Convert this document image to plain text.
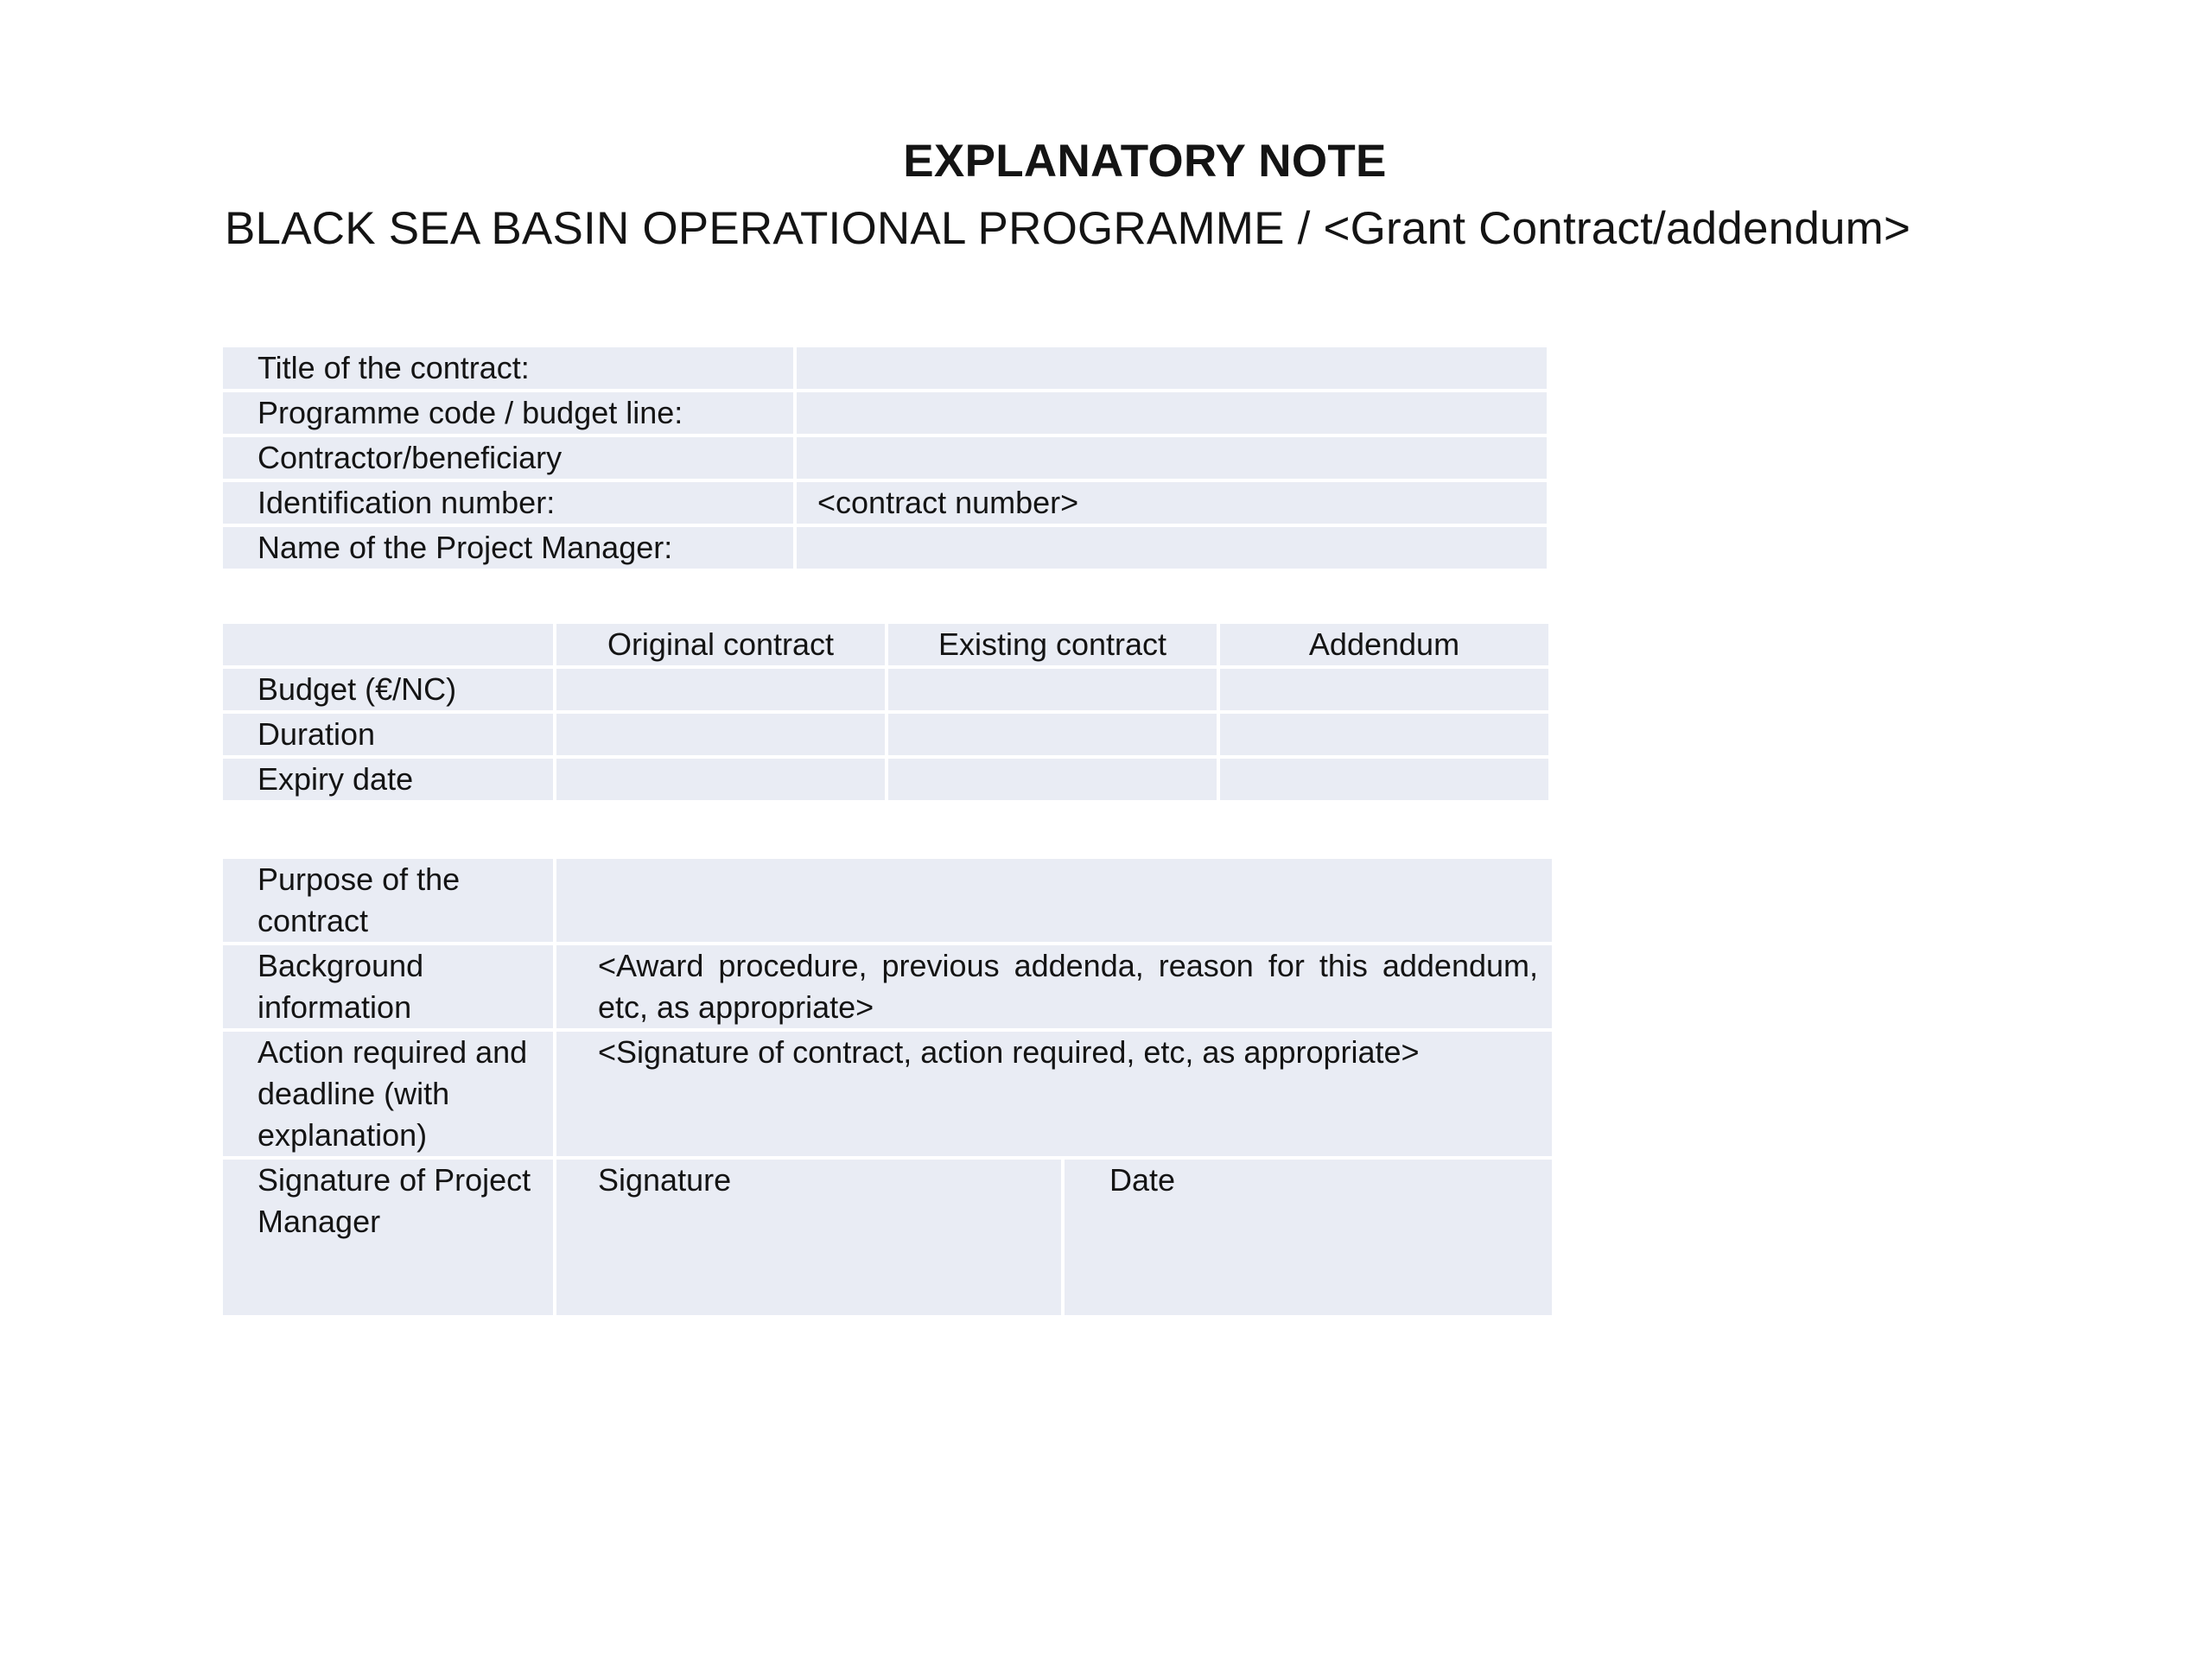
EXPLANATORY NOTE
BLACK SEA BASIN OPERATIONAL PROGRAMME / <Grant Contract/addendum>
Title of the contract:	
Programme code / budget line:	
Contractor/beneficiary	
Identification number:	<contract number>
Name of the Project Manager:	
	Original contract	Existing contract	Addendum
Budget (€/NC)			
Duration			
Expiry date			
Purpose of the contract		
Background information	<Award procedure, previous addenda, reason for this addendum, etc, as appropriate>	
Action required and deadline (with explanation)	<Signature of contract, action required, etc, as appropriate>	
Signature of Project Manager	Signature	Date
